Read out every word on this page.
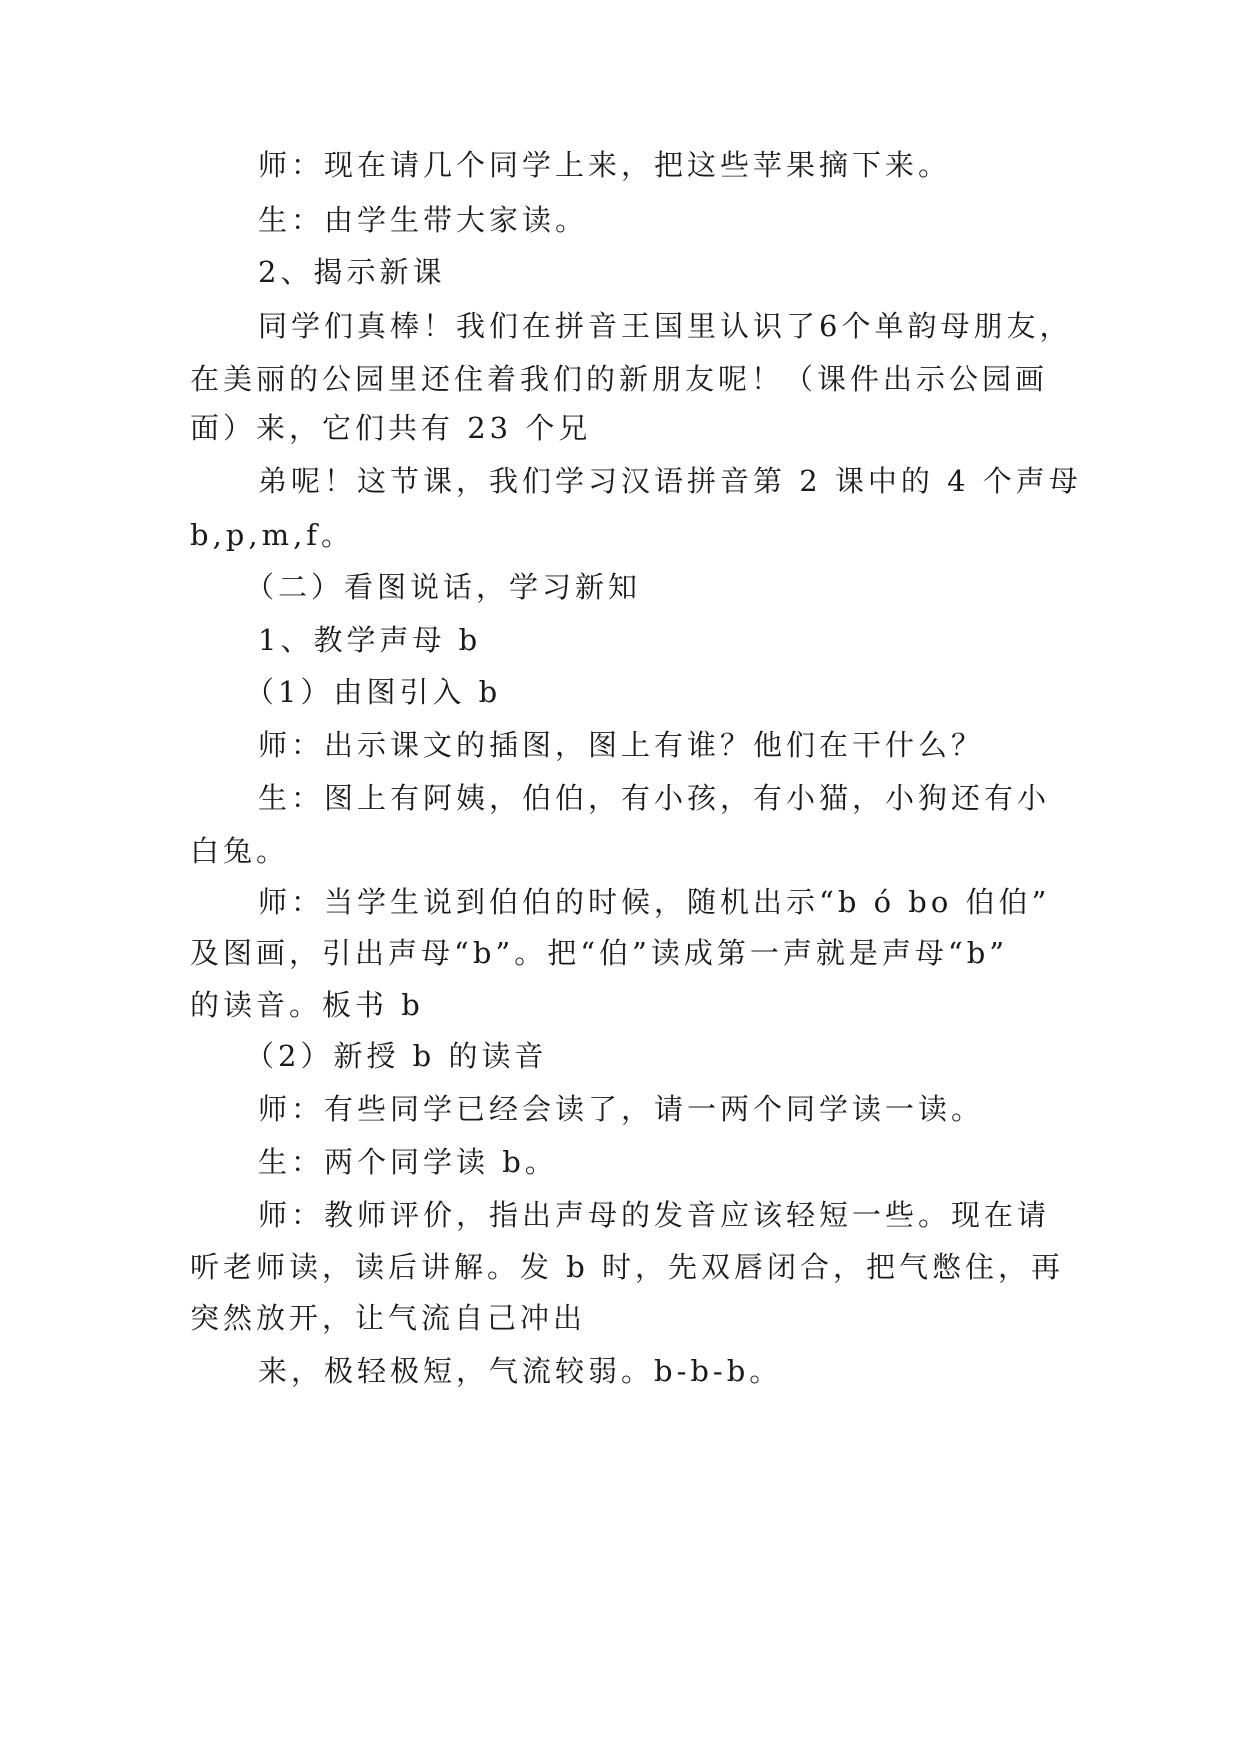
师：现在请几个同学上来，把这些苹果摘下来。
生：由学生带大家读。
2、揭示新课
同学们真棒！我们在拼音王国里认识了6个单韵母朋友，
在美丽的公园里还住着我们的新朋友呢！（课件出示公园画
面）来，它们共有 23 个兄
弟呢！这节课，我们学习汉语拼音第 2 课中的 4 个声母
b,p,m,f。
（二）看图说话，学习新知
1、教学声母 b
（1）由图引入 b
师：出示课文的插图，图上有谁？他们在干什么？
生：图上有阿姨，伯伯，有小孩，有小猫，小狗还有小
白兔。
师：当学生说到伯伯的时候，随机出示“b ó bo 伯伯”
及图画，引出声母“b”。把“伯”读成第一声就是声母“b”
的读音。板书 b
（2）新授 b 的读音
师：有些同学已经会读了，请一两个同学读一读。
生：两个同学读 b。
师：教师评价，指出声母的发音应该轻短一些。现在请
听老师读，读后讲解。发 b 时，先双唇闭合，把气憋住，再
突然放开，让气流自己冲出
来，极轻极短，气流较弱。b-b-b。
